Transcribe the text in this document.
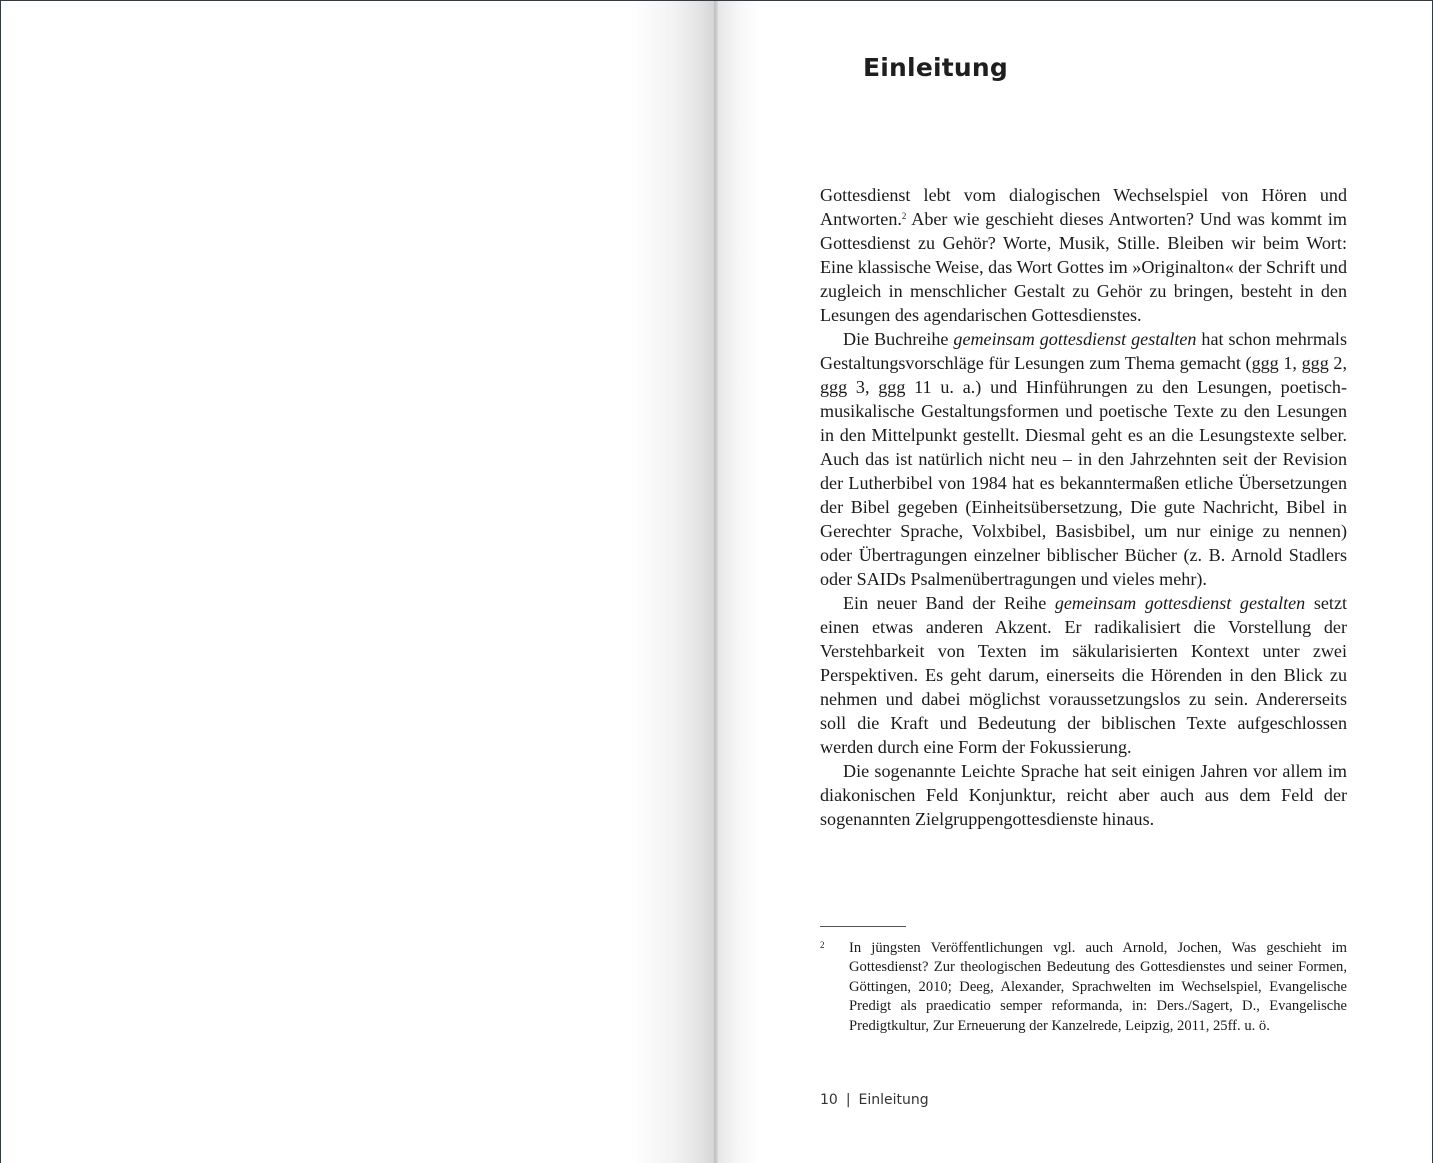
Einleitung

Gottesdienst lebt vom dialogischen Wechselspiel von Hören und Antworten.$^2$ Aber wie geschieht dieses Antworten? Und was kommt im Gottesdienst zu Gehör? Worte, Musik, Stille. Bleiben wir beim Wort: Eine klassische Weise, das Wort Gottes im »Originalton« der Schrift und zugleich in menschlicher Gestalt zu Gehör zu bringen, besteht in den Lesungen des agendarischen Gottesdienstes.

Die Buchreihe gemeinsam gottesdienst gestalten hat schon mehrmals Gestaltungsvorschläge für Lesungen zum Thema gemacht (ggg 1, ggg 2, ggg 3, ggg 11 u. a.) und Hinführungen zu den Lesungen, poetisch-musikalische Gestaltungsformen und poetische Texte zu den Lesungen in den Mittelpunkt gestellt. Diesmal geht es an die Lesungstexte selber. Auch das ist natürlich nicht neu – in den Jahrzehnten seit der Revision der Lutherbibel von 1984 hat es bekanntermaßen etliche Übersetzungen der Bibel gegeben (Einheitsübersetzung, Die gute Nachricht, Bibel in Gerechter Sprache, Volxbibel, Basisbibel, um nur einige zu nennen) oder Übertragungen einzelner biblischer Bücher (z. B. Arnold Stadlers oder SAIDs Psalmenübertragungen und vieles mehr).

Ein neuer Band der Reihe gemeinsam gottesdienst gestalten setzt einen etwas anderen Akzent. Er radikalisiert die Vorstellung der Verstehbarkeit von Texten im säkularisierten Kontext unter zwei Perspektiven. Es geht darum, einerseits die Hörenden in den Blick zu nehmen und dabei möglichst voraussetzungslos zu sein. Andererseits soll die Kraft und Bedeutung der biblischen Texte aufgeschlossen werden durch eine Form der Fokussierung.

Die sogenannte Leichte Sprache hat seit einigen Jahren vor allem im diakonischen Feld Konjunktur, reicht aber auch aus dem Feld der sogenannten Zielgruppengottesdienste hinaus.

2 In jüngsten Veröffentlichungen vgl. auch Arnold, Jochen, Was geschieht im Gottesdienst? Zur theologischen Bedeutung des Gottesdienstes und seiner Formen, Göttingen, 2010; Deeg, Alexander, Sprachwelten im Wechselspiel, Evangelische Predigt als praedicatio semper reformanda, in: Ders./Sagert, D., Evangelische Predigtkultur, Zur Erneuerung der Kanzelrede, Leipzig, 2011, 25ff. u. ö.
10 | Einleitung
